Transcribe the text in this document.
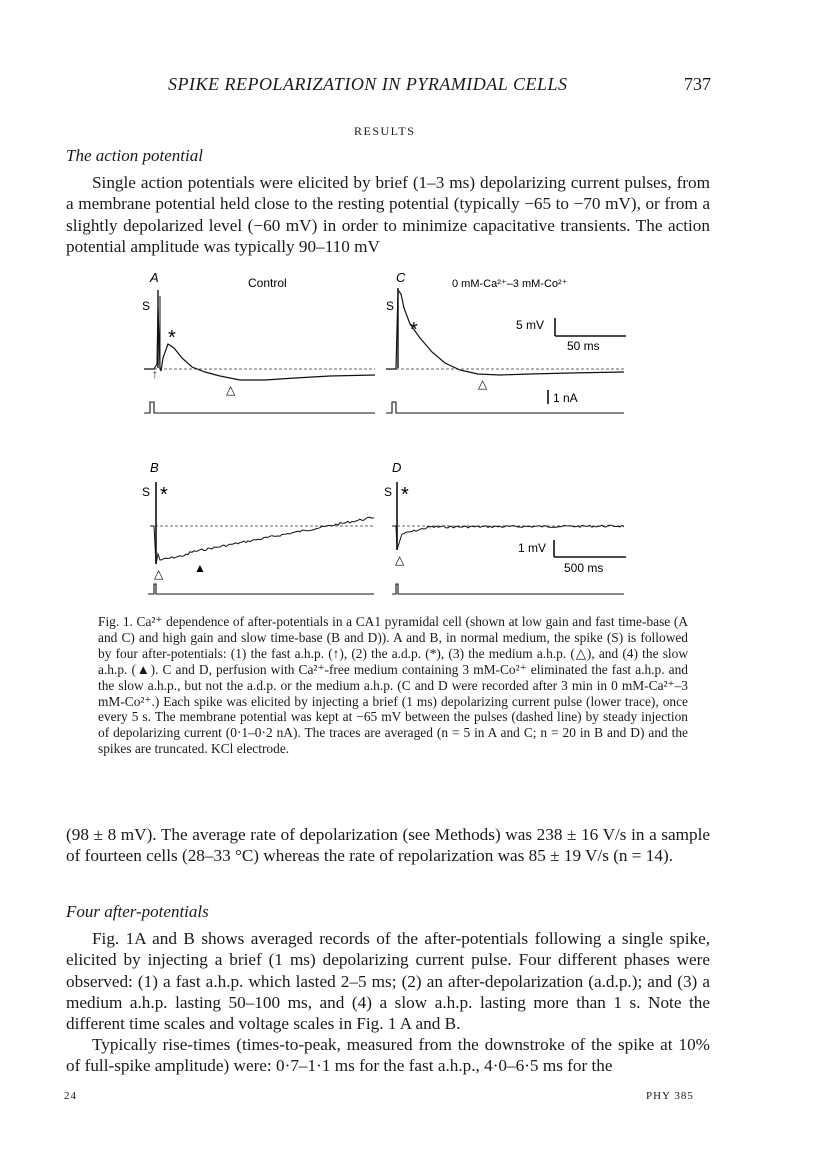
SPIKE REPOLARIZATION IN PYRAMIDAL CELLS	737
RESULTS
The action potential

Single action potentials were elicited by brief (1–3 ms) depolarizing current pulses, from a membrane potential held close to the resting potential (typically −65 to −70 mV), or from a slightly depolarized level (−60 mV) in order to minimize capacitative transients. The action potential amplitude was typically 90–110 mV

A	Control
S
*
↑
△
C	0 mM-Ca²⁺–3 mM-Co²⁺
S
*
△
5 mV
50 ms
1 nA
B
S *
△	▲
D
S *
△
1 mV
500 ms

Fig. 1. Ca²⁺ dependence of after-potentials in a CA1 pyramidal cell (shown at low gain and fast time-base (A and C) and high gain and slow time-base (B and D)). A and B, in normal medium, the spike (S) is followed by four after-potentials: (1) the fast a.h.p. (↑), (2) the a.d.p. (*), (3) the medium a.h.p. (△), and (4) the slow a.h.p. (▲). C and D, perfusion with Ca²⁺-free medium containing 3 mM-Co²⁺ eliminated the fast a.h.p. and the slow a.h.p., but not the a.d.p. or the medium a.h.p. (C and D were recorded after 3 min in 0 mM-Ca²⁺–3 mM-Co²⁺.) Each spike was elicited by injecting a brief (1 ms) depolarizing current pulse (lower trace), once every 5 s. The membrane potential was kept at −65 mV between the pulses (dashed line) by steady injection of depolarizing current (0·1–0·2 nA). The traces are averaged (n = 5 in A and C; n = 20 in B and D) and the spikes are truncated. KCl electrode.

(98 ± 8 mV). The average rate of depolarization (see Methods) was 238 ± 16 V/s in a sample of fourteen cells (28–33 °C) whereas the rate of repolarization was 85 ± 19 V/s (n = 14).

Four after-potentials

Fig. 1A and B shows averaged records of the after-potentials following a single spike, elicited by injecting a brief (1 ms) depolarizing current pulse. Four different phases were observed: (1) a fast a.h.p. which lasted 2–5 ms; (2) an after-depolarization (a.d.p.); and (3) a medium a.h.p. lasting 50–100 ms, and (4) a slow a.h.p. lasting more than 1 s. Note the different time scales and voltage scales in Fig. 1 A and B.

Typically rise-times (times-to-peak, measured from the downstroke of the spike at 10% of full-spike amplitude) were: 0·7–1·1 ms for the fast a.h.p., 4·0–6·5 ms for the

24	PHY 385
